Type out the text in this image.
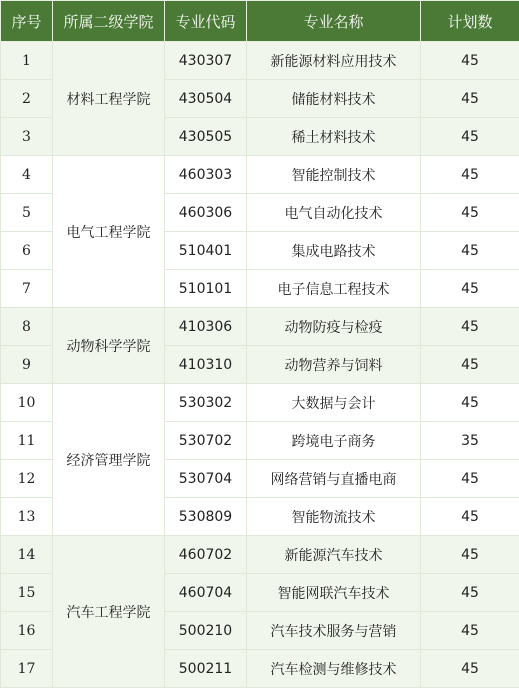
序号	所属二级学院	专业代码	专业名称	计划数
1	材料工程学院	430307	新能源材料应用技术	45
2		430504	储能材料技术	45
3		430505	稀土材料技术	45
4	电气工程学院	460303	智能控制技术	45
5		460306	电气自动化技术	45
6		510401	集成电路技术	45
7		510101	电子信息工程技术	45
8	动物科学学院	410306	动物防疫与检疫	45
9		410310	动物营养与饲料	45
10	经济管理学院	530302	大数据与会计	45
11		530702	跨境电子商务	35
12		530704	网络营销与直播电商	45
13		530809	智能物流技术	45
14	汽车工程学院	460702	新能源汽车技术	45
15		460704	智能网联汽车技术	45
16		500210	汽车技术服务与营销	45
17		500211	汽车检测与维修技术	45
